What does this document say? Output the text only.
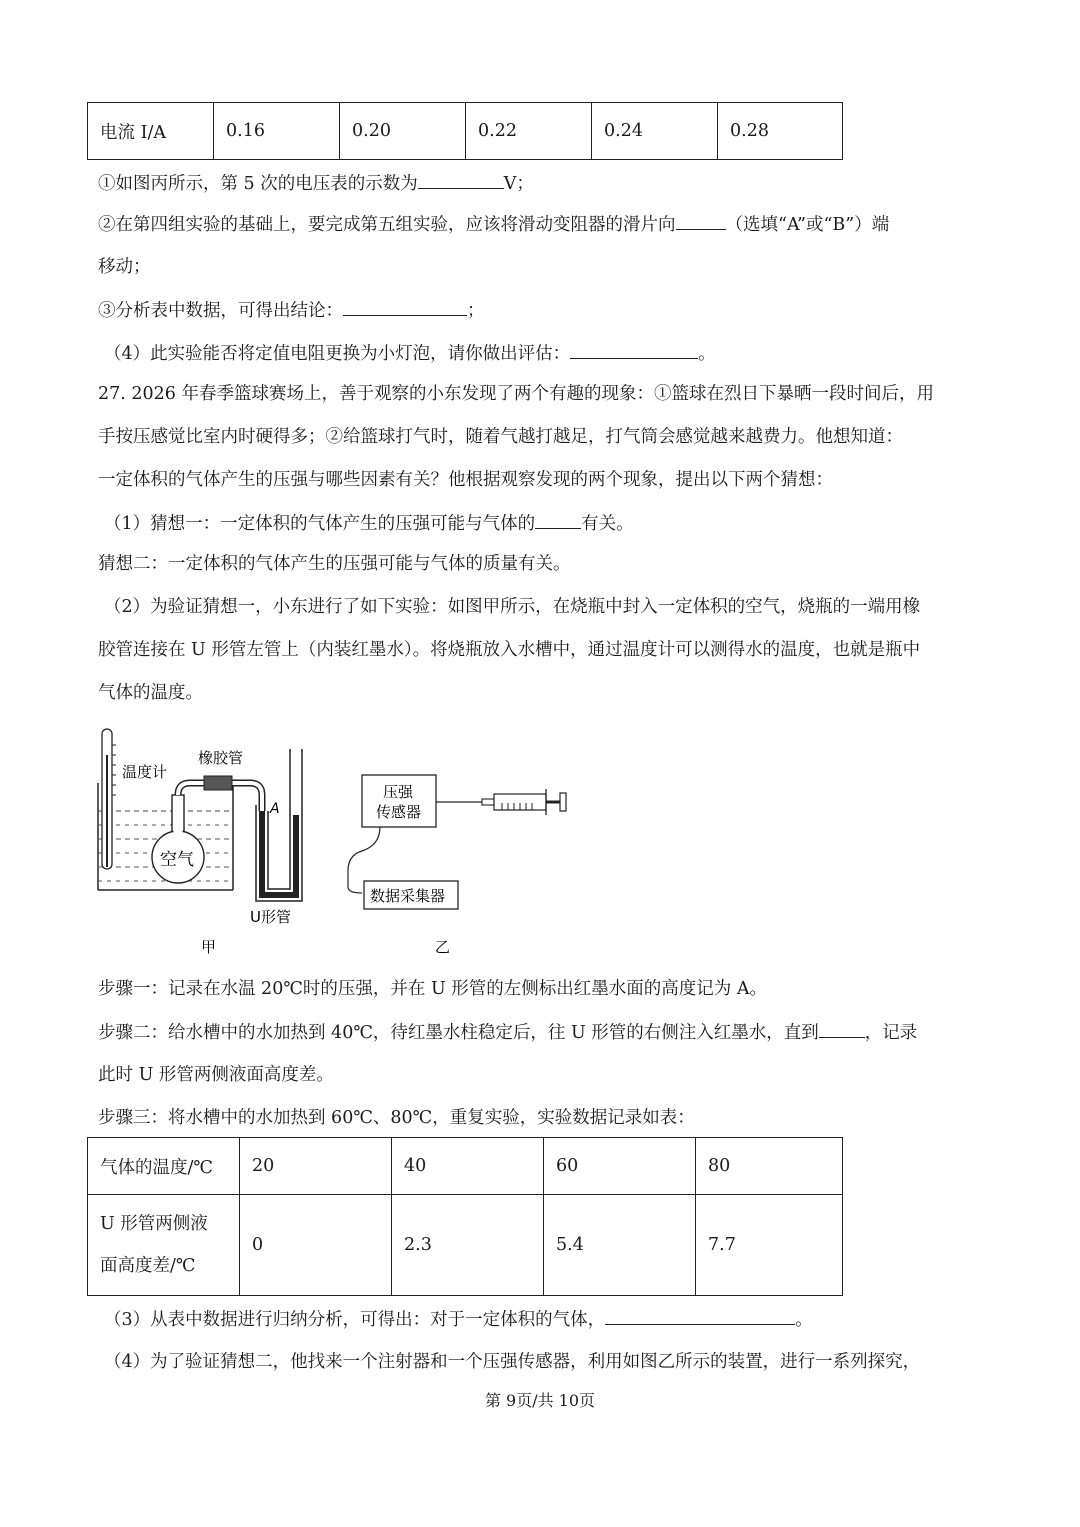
电流 I/A	0.16	0.20	0.22	0.24	0.28
①如图丙所示，第 5 次的电压表的示数为	V；
②在第四组实验的基础上，要完成第五组实验，应该将滑动变阻器的滑片向	（选填“A”或“B”）端
移动；
③分析表中数据，可得出结论：	；
（4）此实验能否将定值电阻更换为小灯泡，请你做出评估：	。
27. 2026 年春季篮球赛场上，善于观察的小东发现了两个有趣的现象：①篮球在烈日下暴晒一段时间后，用
手按压感觉比室内时硬得多；②给篮球打气时，随着气越打越足，打气筒会感觉越来越费力。他想知道：
一定体积的气体产生的压强与哪些因素有关？他根据观察发现的两个现象，提出以下两个猜想：
（1）猜想一：一定体积的气体产生的压强可能与气体的	有关。
猜想二：一定体积的气体产生的压强可能与气体的质量有关。
（2）为验证猜想一，小东进行了如下实验：如图甲所示，在烧瓶中封入一定体积的空气，烧瓶的一端用橡
胶管连接在 U 形管左管上（内装红墨水）。将烧瓶放入水槽中，通过温度计可以测得水的温度，也就是瓶中
气体的温度。
温度计
空气
橡胶管
A
U形管
甲
压强
传感器
数据采集器
乙
步骤一：记录在水温 20℃时的压强，并在 U 形管的左侧标出红墨水面的高度记为 A。
步骤二：给水槽中的水加热到 40℃，待红墨水柱稳定后，往 U 形管的右侧注入红墨水，直到	，记录
此时 U 形管两侧液面高度差。
步骤三：将水槽中的水加热到 60℃、80℃，重复实验，实验数据记录如表：
气体的温度/℃	20	40	60	80

U 形管两侧液
面高度差/℃	0	2.3	5.4	7.7
（3）从表中数据进行归纳分析，可得出：对于一定体积的气体，	。
（4）为了验证猜想二，他找来一个注射器和一个压强传感器，利用如图乙所示的装置，进行一系列探究，
第 9页/共 10页
